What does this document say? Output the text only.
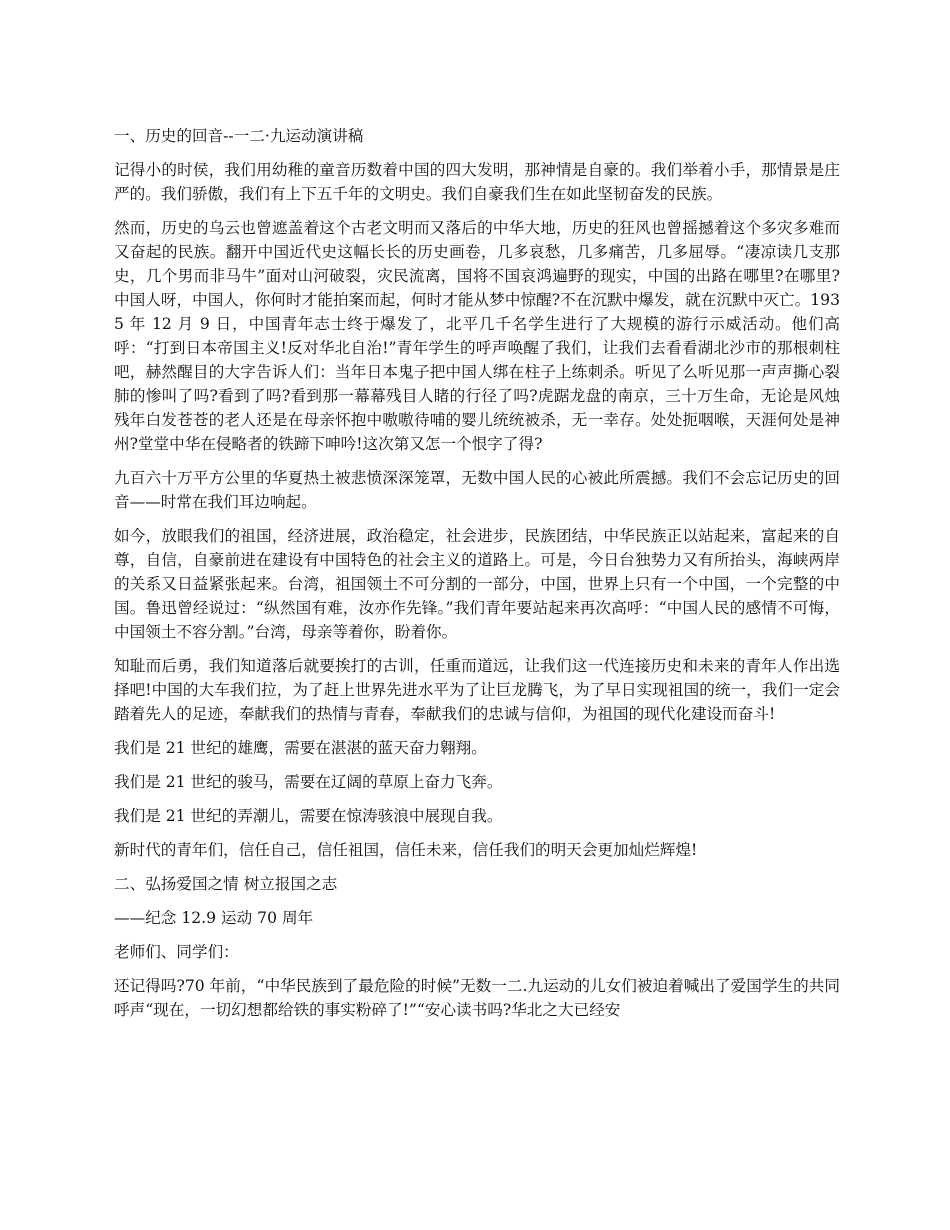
一、历史的回音--一二·九运动演讲稿

记得小的时侯，我们用幼稚的童音历数着中国的四大发明，那神情是自豪的。我们举着小手，那情景是庄严的。我们骄傲，我们有上下五千年的文明史。我们自豪我们生在如此坚韧奋发的民族。

然而，历史的乌云也曾遮盖着这个古老文明而又落后的中华大地，历史的狂风也曾摇撼着这个多灾多难而又奋起的民族。翻开中国近代史这幅长长的历史画卷，几多哀愁，几多痛苦，几多屈辱。“凄凉读几支那史，几个男而非马牛”面对山河破裂，灾民流离，国将不国哀鸿遍野的现实，中国的出路在哪里?在哪里?中国人呀，中国人，你何时才能拍案而起，何时才能从梦中惊醒?不在沉默中爆发，就在沉默中灭亡。1935 年 12 月 9 日，中国青年志士终于爆发了，北平几千名学生进行了大规模的游行示威活动。他们高呼：“打到日本帝国主义!反对华北自治!”青年学生的呼声唤醒了我们，让我们去看看湖北沙市的那根刺柱吧，赫然醒目的大字告诉人们：当年日本鬼子把中国人绑在柱子上练刺杀。听见了么听见那一声声撕心裂肺的惨叫了吗?看到了吗?看到那一幕幕残目人睹的行径了吗?虎踞龙盘的南京，三十万生命，无论是风烛残年白发苍苍的老人还是在母亲怀抱中嗷嗷待哺的婴儿统统被杀，无一幸存。处处扼咽喉，天涯何处是神州?堂堂中华在侵略者的铁蹄下呻吟!这次第又怎一个恨字了得?

九百六十万平方公里的华夏热土被悲愤深深笼罩，无数中国人民的心被此所震撼。我们不会忘记历史的回音——时常在我们耳边响起。

如今，放眼我们的祖国，经济进展，政治稳定，社会进步，民族团结，中华民族正以站起来，富起来的自尊，自信，自豪前进在建设有中国特色的社会主义的道路上。可是，今日台独势力又有所抬头，海峡两岸的关系又日益紧张起来。台湾，祖国领土不可分割的一部分，中国，世界上只有一个中国，一个完整的中国。鲁迅曾经说过：“纵然国有难，汝亦作先锋。”我们青年要站起来再次高呼：“中国人民的感情不可悔，中国领土不容分割。”台湾，母亲等着你，盼着你。

知耻而后勇，我们知道落后就要挨打的古训，任重而道远，让我们这一代连接历史和未来的青年人作出选择吧!中国的大车我们拉，为了赶上世界先进水平为了让巨龙腾飞，为了早日实现祖国的统一，我们一定会踏着先人的足迹，奉献我们的热情与青春，奉献我们的忠诚与信仰，为祖国的现代化建设而奋斗!

我们是 21 世纪的雄鹰，需要在湛湛的蓝天奋力翱翔。

我们是 21 世纪的骏马，需要在辽阔的草原上奋力飞奔。

我们是 21 世纪的弄潮儿，需要在惊涛骇浪中展现自我。

新时代的青年们，信任自己，信任祖国，信任未来，信任我们的明天会更加灿烂辉煌!

二、弘扬爱国之情 树立报国之志

——纪念 12.9 运动 70 周年

老师们、同学们：

还记得吗?70 年前，“中华民族到了最危险的时候”无数一二.九运动的儿女们被迫着喊出了爱国学生的共同呼声“现在，一切幻想都给铁的事实粉碎了!”“安心读书吗?华北之大已经安
